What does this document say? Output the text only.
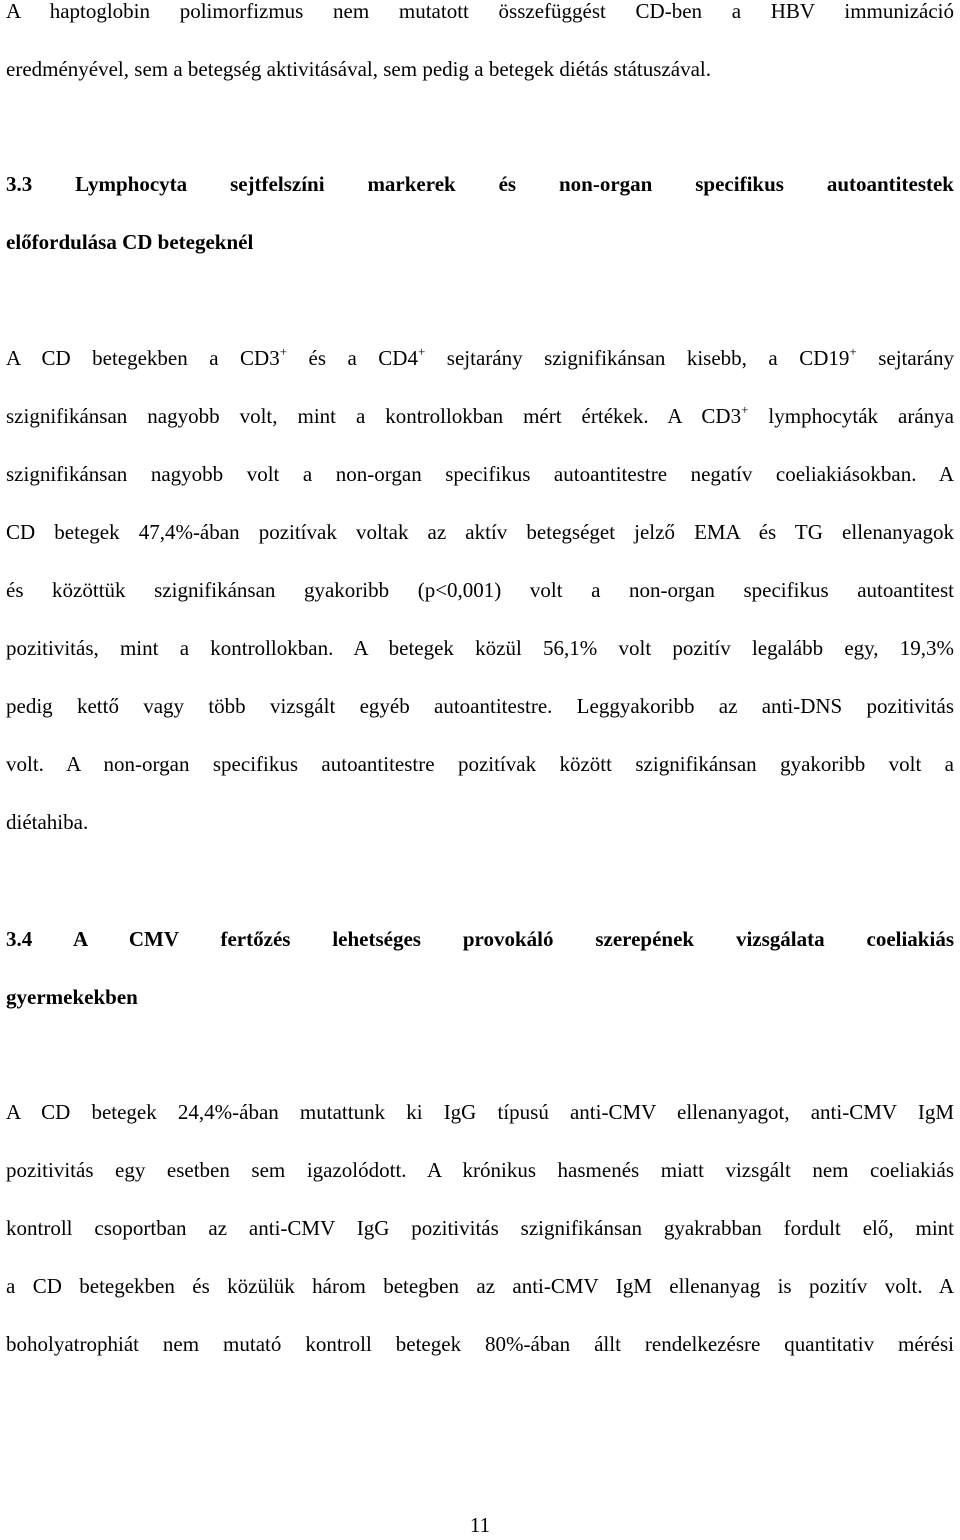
A haptoglobin polimorfizmus nem mutatott összefüggést CD-ben a HBV immunizáció
eredményével, sem a betegség aktivitásával, sem pedig a betegek diétás státuszával.
3.3 Lymphocyta sejtfelszíni markerek és non-organ specifikus autoantitestek
előfordulása CD betegeknél
A CD betegekben a CD3+ és a CD4+ sejtarány szignifikánsan kisebb, a CD19+ sejtarány
szignifikánsan nagyobb volt, mint a kontrollokban mért értékek. A CD3+ lymphocyták aránya
szignifikánsan nagyobb volt a non-organ specifikus autoantitestre negatív coeliakiásokban. A
CD betegek 47,4%-ában pozitívak voltak az aktív betegséget jelző EMA és TG ellenanyagok
és közöttük szignifikánsan gyakoribb (p<0,001) volt a non-organ specifikus autoantitest
pozitivitás, mint a kontrollokban. A betegek közül 56,1% volt pozitív legalább egy, 19,3%
pedig kettő vagy több vizsgált egyéb autoantitestre. Leggyakoribb az anti-DNS pozitivitás
volt. A non-organ specifikus autoantitestre pozitívak között szignifikánsan gyakoribb volt a
diétahiba.
3.4 A CMV fertőzés lehetséges provokáló szerepének vizsgálata coeliakiás
gyermekekben
A CD betegek 24,4%-ában mutattunk ki IgG típusú anti-CMV ellenanyagot, anti-CMV IgM
pozitivitás egy esetben sem igazolódott. A krónikus hasmenés miatt vizsgált nem coeliakiás
kontroll csoportban az anti-CMV IgG pozitivitás szignifikánsan gyakrabban fordult elő, mint
a CD betegekben és közülük három betegben az anti-CMV IgM ellenanyag is pozitív volt. A
boholyatrophiát nem mutató kontroll betegek 80%-ában állt rendelkezésre quantitativ mérési
11
